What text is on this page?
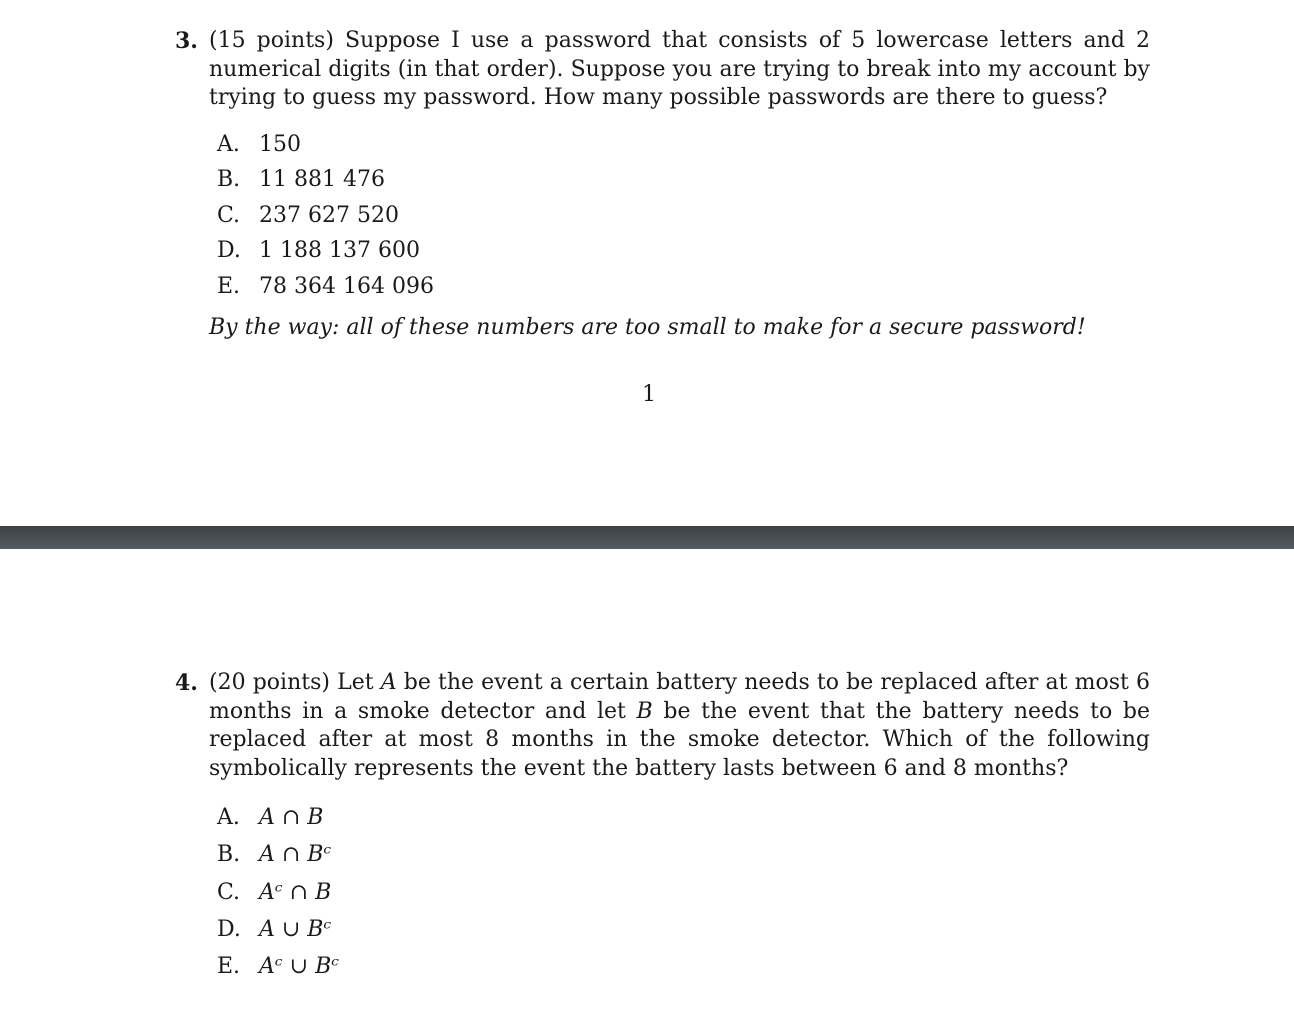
3. (15 points) Suppose I use a password that consists of 5 lowercase letters and 2 numerical digits (in that order). Suppose you are trying to break into my account by trying to guess my password. How many possible passwords are there to guess?
A. 150
B. 11 881 476
C. 237 627 520
D. 1 188 137 600
E. 78 364 164 096
By the way: all of these numbers are too small to make for a secure password!
1
4. (20 points) Let A be the event a certain battery needs to be replaced after at most 6 months in a smoke detector and let B be the event that the battery needs to be replaced after at most 8 months in the smoke detector. Which of the following symbolically represents the event the battery lasts between 6 and 8 months?
A. A ∩ B
B. A ∩ Bᶜ
C. Aᶜ ∩ B
D. A ∪ Bᶜ
E. Aᶜ ∪ Bᶜ
